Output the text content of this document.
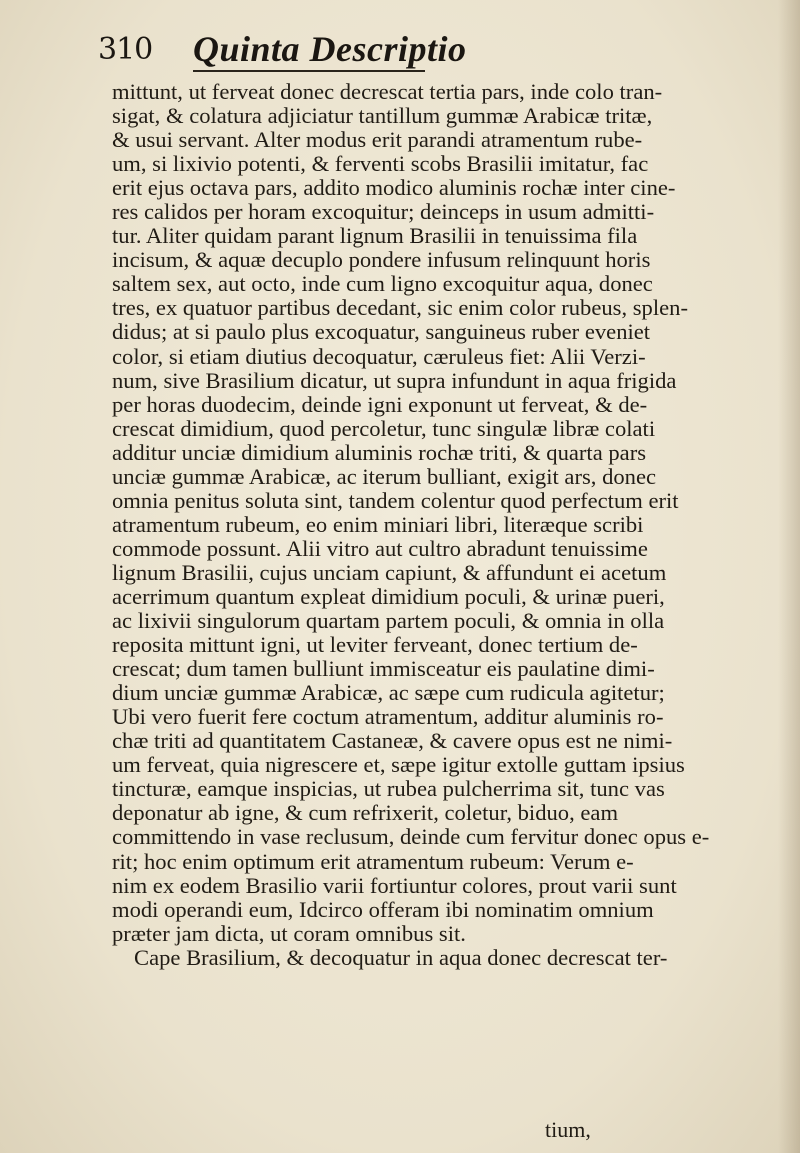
310 Quinta Descriptio
mittunt, ut ferveat donec decrescat tertia pars, inde colo tran-
sigat, & colatura adjiciatur tantillum gummæ Arabicæ tritæ,
& usui servant. Alter modus erit parandi atramentum rube-
um, si lixivio potenti, & ferventi scobs Brasilii imitatur, fac
erit ejus octava pars, addito modico aluminis rochæ inter cine-
res calidos per horam excoquitur; deinceps in usum admitti-
tur. Aliter quidam parant lignum Brasilii in tenuissima fila
incisum, & aquæ decuplo pondere infusum relinquunt horis
saltem sex, aut octo, inde cum ligno excoquitur aqua, donec
tres, ex quatuor partibus decedant, sic enim color rubeus, splen-
didus; at si paulo plus excoquatur, sanguineus ruber eveniet
color, si etiam diutius decoquatur, cæruleus fiet: Alii Verzi-
num, sive Brasilium dicatur, ut supra infundunt in aqua frigida
per horas duodecim, deinde igni exponunt ut ferveat, & de-
crescat dimidium, quod percoletur, tunc singulæ libræ colati
additur unciæ dimidium aluminis rochæ triti, & quarta pars
unciæ gummæ Arabicæ, ac iterum bulliant, exigit ars, donec
omnia penitus soluta sint, tandem colentur quod perfectum erit
atramentum rubeum, eo enim miniari libri, literæque scribi
commode possunt. Alii vitro aut cultro abradunt tenuissime
lignum Brasilii, cujus unciam capiunt, & affundunt ei acetum
acerrimum quantum expleat dimidium poculi, & urinæ pueri,
ac lixivii singulorum quartam partem poculi, & omnia in olla
reposita mittunt igni, ut leviter ferveant, donec tertium de-
crescat; dum tamen bulliunt immisceatur eis paulatine dimi-
dium unciæ gummæ Arabicæ, ac sæpe cum rudicula agitetur;
Ubi vero fuerit fere coctum atramentum, additur aluminis ro-
chæ triti ad quantitatem Castaneæ, & cavere opus est ne nimi-
um ferveat, quia nigrescere et, sæpe igitur extolle guttam ipsius
tincturæ, eamque inspicias, ut rubea pulcherrima sit, tunc vas
deponatur ab igne, & cum refrixerit, coletur, biduo, eam
committendo in vase reclusum, deinde cum fervitur donec opus e-
rit; hoc enim optimum erit atramentum rubeum: Verum e-
nim ex eodem Brasilio varii fortiuntur colores, prout varii sunt
modi operandi eum, Idcirco offeram ibi nominatim omnium
præter jam dicta, ut coram omnibus sit.
Cape Brasilium, & decoquatur in aqua donec decrescat ter-
tium,
